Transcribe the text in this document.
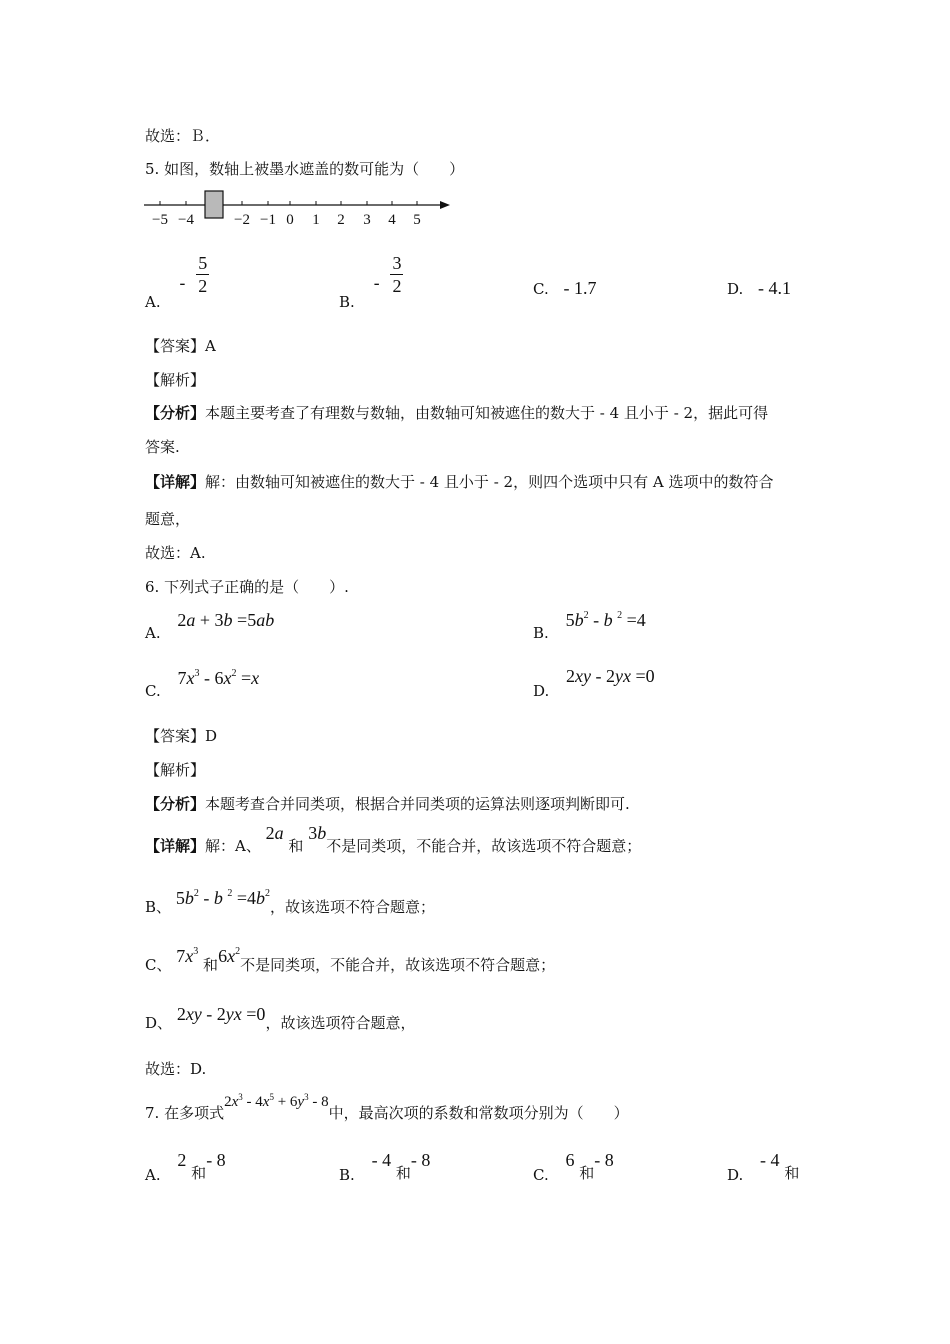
故选：Ｂ．
5. 如图，数轴上被墨水遮盖的数可能为（　　）
−5 −4	−2 −1 0 1 2 3 4 5
A. - $\frac{5}{2}$
B. - $\frac{3}{2}$	C. - 1.7	D. - 4.1
【答案】A
【解析】
【分析】本题主要考查了有理数与数轴，由数轴可知被遮住的数大于 - 4 且小于 - 2，据此可得
答案.
【详解】解：由数轴可知被遮住的数大于 - 4 且小于 - 2，则四个选项中只有 A 选项中的数符合
题意，
故选：A.
6. 下列式子正确的是（　　）.
A. 2a + 3b =5ab
B. $5b^2$ - b $^2$ =4
C. $7x^3 - 6x^2 =x$
D. 2xy - 2yx =0
【答案】D
【解析】
【分析】本题考查合并同类项，根据合并同类项的运算法则逐项判断即可.
【详解】解：A、 2a 和 3b不是同类项，不能合并，故该选项不符合题意；
B、 $5b^2$ - b $^2 =4b^2$，故该选项不符合题意；
C、 $7x^3$ 和$6x^2$不是同类项，不能合并，故该选项不符合题意；
D、 2xy - 2yx =0，故该选项符合题意，
故选：D.
7. 在多项式$2x^3 - 4x^5 + 6y^3 - 8$中，最高次项的系数和常数项分别为（　　）
A. 2 和- 8
B. - 4 和- 8
C. 6 和- 8
D. - 4 和
